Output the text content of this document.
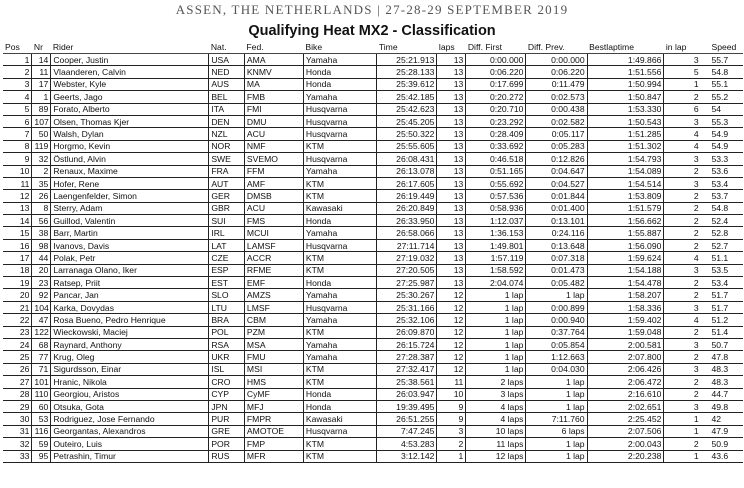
ASSEN, THE NETHERLANDS | 27-28-29 SEPTEMBER 2019
Qualifying Heat MX2 - Classification
Pos	Nr	Rider	Nat.	Fed.	Bike	Time	laps	Diff. First	Diff. Prev.	Bestlaptime	in lap		Speed
1	14	Cooper, Justin	USA	AMA	Yamaha	25:21.913	13	0:00.000	0:00.000	1:49.866	3		55.7
2	11	Vlaanderen, Calvin	NED	KNMV	Honda	25:28.133	13	0:06.220	0:06.220	1:51.556	5		54.8
3	17	Webster, Kyle	AUS	MA	Honda	25:39.612	13	0:17.699	0:11.479	1:50.994	1		55.1
4	1	Geerts, Jago	BEL	FMB	Yamaha	25:42.185	13	0:20.272	0:02.573	1:50.847	2		55.2
5	89	Forato, Alberto	ITA	FMI	Husqvarna	25:42.623	13	0:20.710	0:00.438	1:53.330	6		54
6	107	Olsen, Thomas Kjer	DEN	DMU	Husqvarna	25:45.205	13	0:23.292	0:02.582	1:50.543	3		55.3
7	50	Walsh, Dylan	NZL	ACU	Husqvarna	25:50.322	13	0:28.409	0:05.117	1:51.285	4		54.9
8	119	Horgmo, Kevin	NOR	NMF	KTM	25:55.605	13	0:33.692	0:05.283	1:51.302	4		54.9
9	32	Östlund, Alvin	SWE	SVEMO	Husqvarna	26:08.431	13	0:46.518	0:12.826	1:54.793	3		53.3
10	2	Renaux, Maxime	FRA	FFM	Yamaha	26:13.078	13	0:51.165	0:04.647	1:54.089	2		53.6
11	35	Hofer, Rene	AUT	AMF	KTM	26:17.605	13	0:55.692	0:04.527	1:54.514	3		53.4
12	26	Laengenfelder, Simon	GER	DMSB	KTM	26:19.449	13	0:57.536	0:01.844	1:53.809	2		53.7
13	8	Sterry, Adam	GBR	ACU	Kawasaki	26:20.849	13	0:58.936	0:01.400	1:51.579	2		54.8
14	56	Guillod, Valentin	SUI	FMS	Honda	26:33.950	13	1:12.037	0:13.101	1:56.662	2		52.4
15	38	Barr, Martin	IRL	MCUI	Yamaha	26:58.066	13	1:36.153	0:24.116	1:55.887	2		52.8
16	98	Ivanovs, Davis	LAT	LAMSF	Husqvarna	27:11.714	13	1:49.801	0:13.648	1:56.090	2		52.7
17	44	Polak, Petr	CZE	ACCR	KTM	27:19.032	13	1:57.119	0:07.318	1:59.624	4		51.1
18	20	Larranaga Olano, Iker	ESP	RFME	KTM	27:20.505	13	1:58.592	0:01.473	1:54.188	3		53.5
19	23	Ratsep, Priit	EST	EMF	Honda	27:25.987	13	2:04.074	0:05.482	1:54.478	2		53.4
20	92	Pancar, Jan	SLO	AMZS	Yamaha	25:30.267	12	1 lap	1 lap	1:58.207	2		51.7
21	104	Karka, Dovydas	LTU	LMSF	Husqvarna	25:31.166	12	1 lap	0:00.899	1:58.336	3		51.7
22	47	Rosa Bueno, Pedro Henrique	BRA	CBM	Yamaha	25:32.106	12	1 lap	0:00.940	1:59.402	4		51.2
23	122	Wieckowski, Maciej	POL	PZM	KTM	26:09.870	12	1 lap	0:37.764	1:59.048	2		51.4
24	68	Raynard, Anthony	RSA	MSA	Yamaha	26:15.724	12	1 lap	0:05.854	2:00.581	3		50.7
25	77	Krug, Oleg	UKR	FMU	Yamaha	27:28.387	12	1 lap	1:12.663	2:07.800	2		47.8
26	71	Sigurdsson, Einar	ISL	MSI	KTM	27:32.417	12	1 lap	0:04.030	2:06.426	3		48.3
27	101	Hranic, Nikola	CRO	HMS	KTM	25:38.561	11	2 laps	1 lap	2:06.472	2		48.3
28	110	Georgiou, Aristos	CYP	CyMF	Honda	26:03.947	10	3 laps	1 lap	2:16.610	2		44.7
29	60	Otsuka, Gota	JPN	MFJ	Honda	19:39.495	9	4 laps	1 lap	2:02.651	3		49.8
30	53	Rodriguez, Jose Fernando	PUR	FMPR	Kawasaki	26:51.255	9	4 laps	7:11.760	2:25.452	1		42
31	116	Georgantas, Alexandros	GRE	AMOTOE	Husqvarna	7:47.245	3	10 laps	6 laps	2:07.506	1		47.9
32	59	Outeiro, Luis	POR	FMP	KTM	4:53.283	2	11 laps	1 lap	2:00.043	2		50.9
33	95	Petrashin, Timur	RUS	MFR	KTM	3:12.142	1	12 laps	1 lap	2:20.238	1		43.6
